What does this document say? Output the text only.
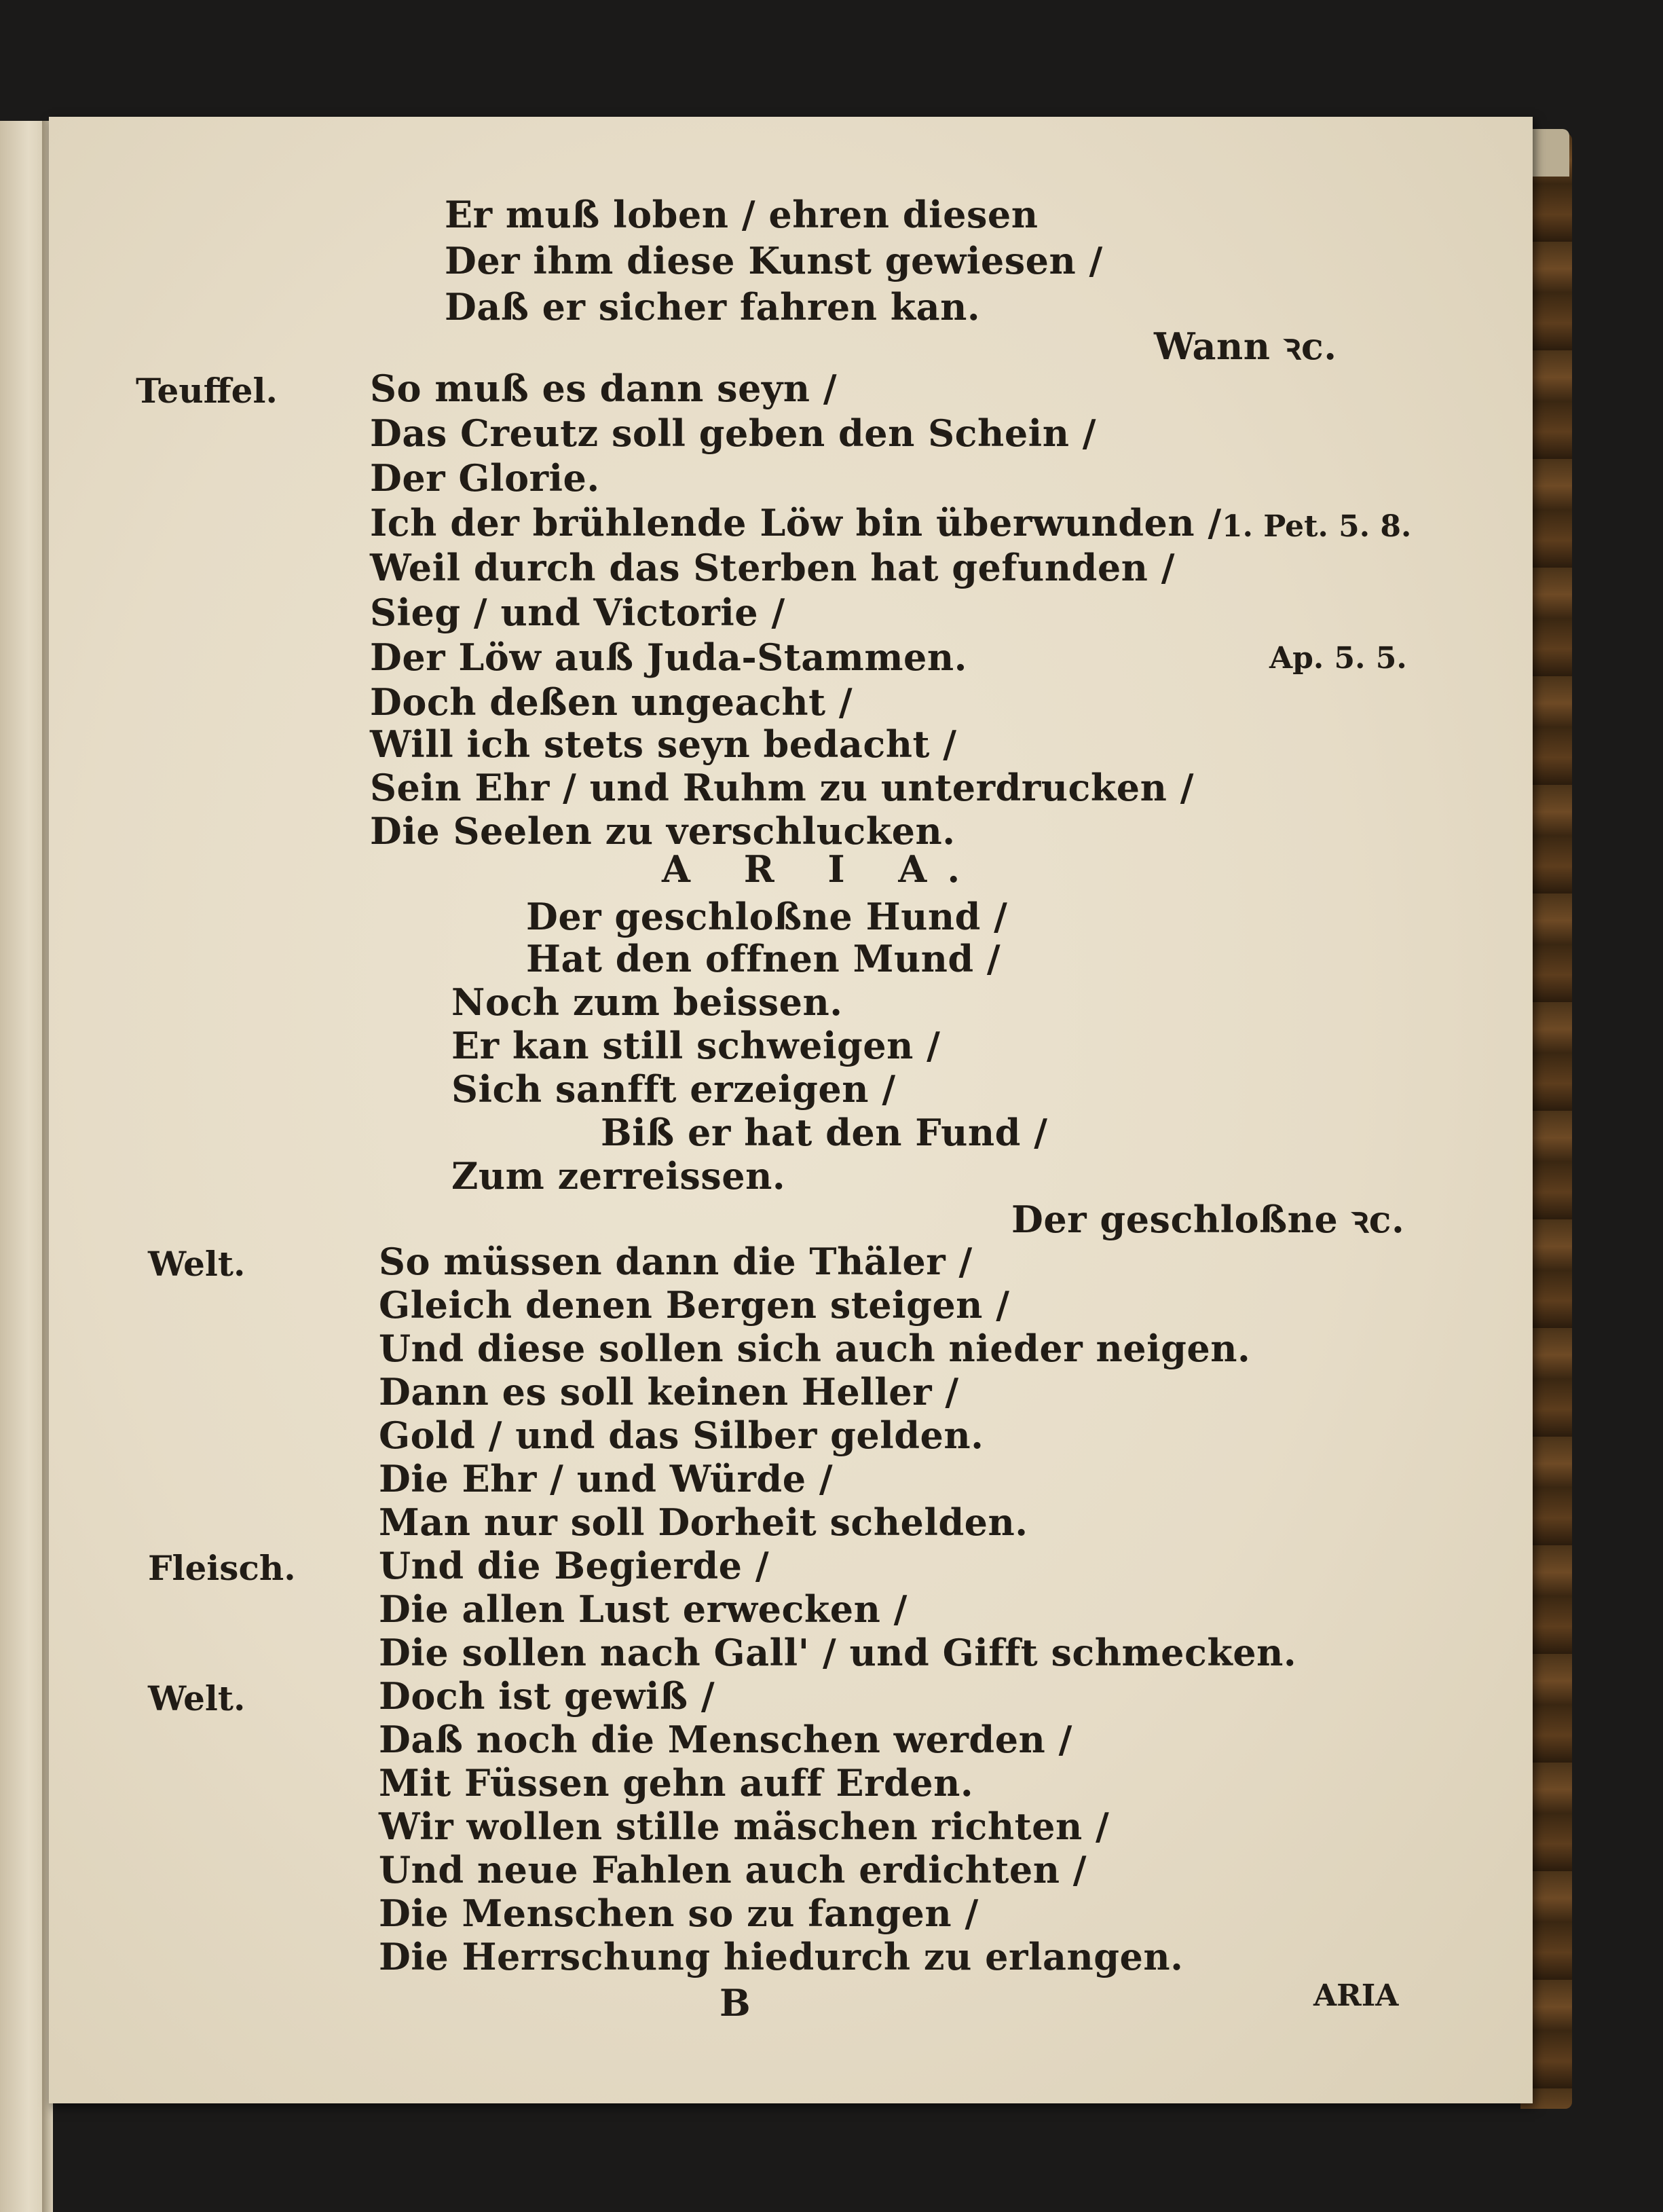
Er muß loben / ehren diesen

Der ihm diese Kunst gewiesen /

Daß er sicher fahren kan.

Wann ꝛc.

So muß es dann seyn /

Das Creutz soll geben den Schein /

Der Glorie.

Ich der brühlende Löw bin überwunden /

Weil durch das Sterben hat gefunden /

Sieg / und Victorie /

Der Löw auß Juda-Stammen.

Doch deßen ungeacht /

Will ich stets seyn bedacht /

Sein Ehr / und Ruhm zu unterdrucken /

Die Seelen zu verschlucken.

A R I A.

Der geschloßne Hund /

Hat den offnen Mund /

Noch zum beissen.

Er kan still schweigen /

Sich sanfft erzeigen /

Biß er hat den Fund /

Zum zerreissen.

Der geschloßne ꝛc.

So müssen dann die Thäler /

Gleich denen Bergen steigen /

Und diese sollen sich auch nieder neigen.

Dann es soll keinen Heller /

Gold / und das Silber gelden.

Die Ehr / und Würde /

Man nur soll Dorheit schelden.

Und die Begierde /

Die allen Lust erwecken /

Die sollen nach Gall' / und Gifft schmecken.

Doch ist gewiß /

Daß noch die Menschen werden /

Mit Füssen gehn auff Erden.

Wir wollen stille mäschen richten /

Und neue Fahlen auch erdichten /

Die Menschen so zu fangen /

Die Herrschung hiedurch zu erlangen.

Teuffel.

Welt.

Fleisch.

Welt.

1. Pet. 5. 8.

Ap. 5. 5.

B	ARIA
